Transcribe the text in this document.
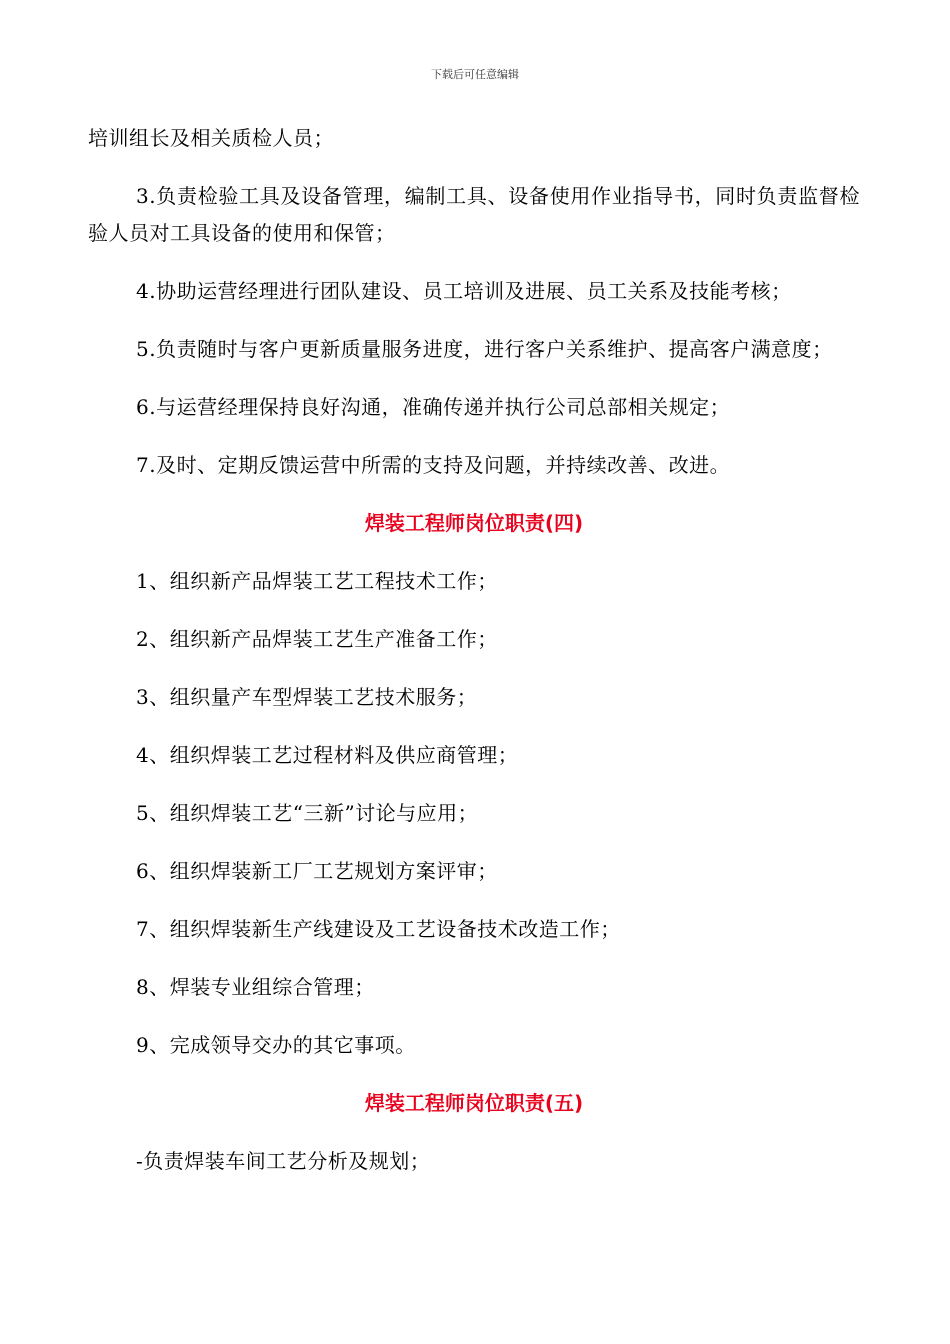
下载后可任意编辑

培训组长及相关质检人员；

3.负责检验工具及设备管理，编制工具、设备使用作业指导书，同时负责监督检验人员对工具设备的使用和保管；

4.协助运营经理进行团队建设、员工培训及进展、员工关系及技能考核；

5.负责随时与客户更新质量服务进度，进行客户关系维护、提高客户满意度；

6.与运营经理保持良好沟通，准确传递并执行公司总部相关规定；

7.及时、定期反馈运营中所需的支持及问题，并持续改善、改进。

焊装工程师岗位职责(四)

1、组织新产品焊装工艺工程技术工作；

2、组织新产品焊装工艺生产准备工作；

3、组织量产车型焊装工艺技术服务；

4、组织焊装工艺过程材料及供应商管理；

5、组织焊装工艺“三新”讨论与应用；

6、组织焊装新工厂工艺规划方案评审；

7、组织焊装新生产线建设及工艺设备技术改造工作；

8、焊装专业组综合管理；

9、完成领导交办的其它事项。

焊装工程师岗位职责(五)

-负责焊装车间工艺分析及规划；
